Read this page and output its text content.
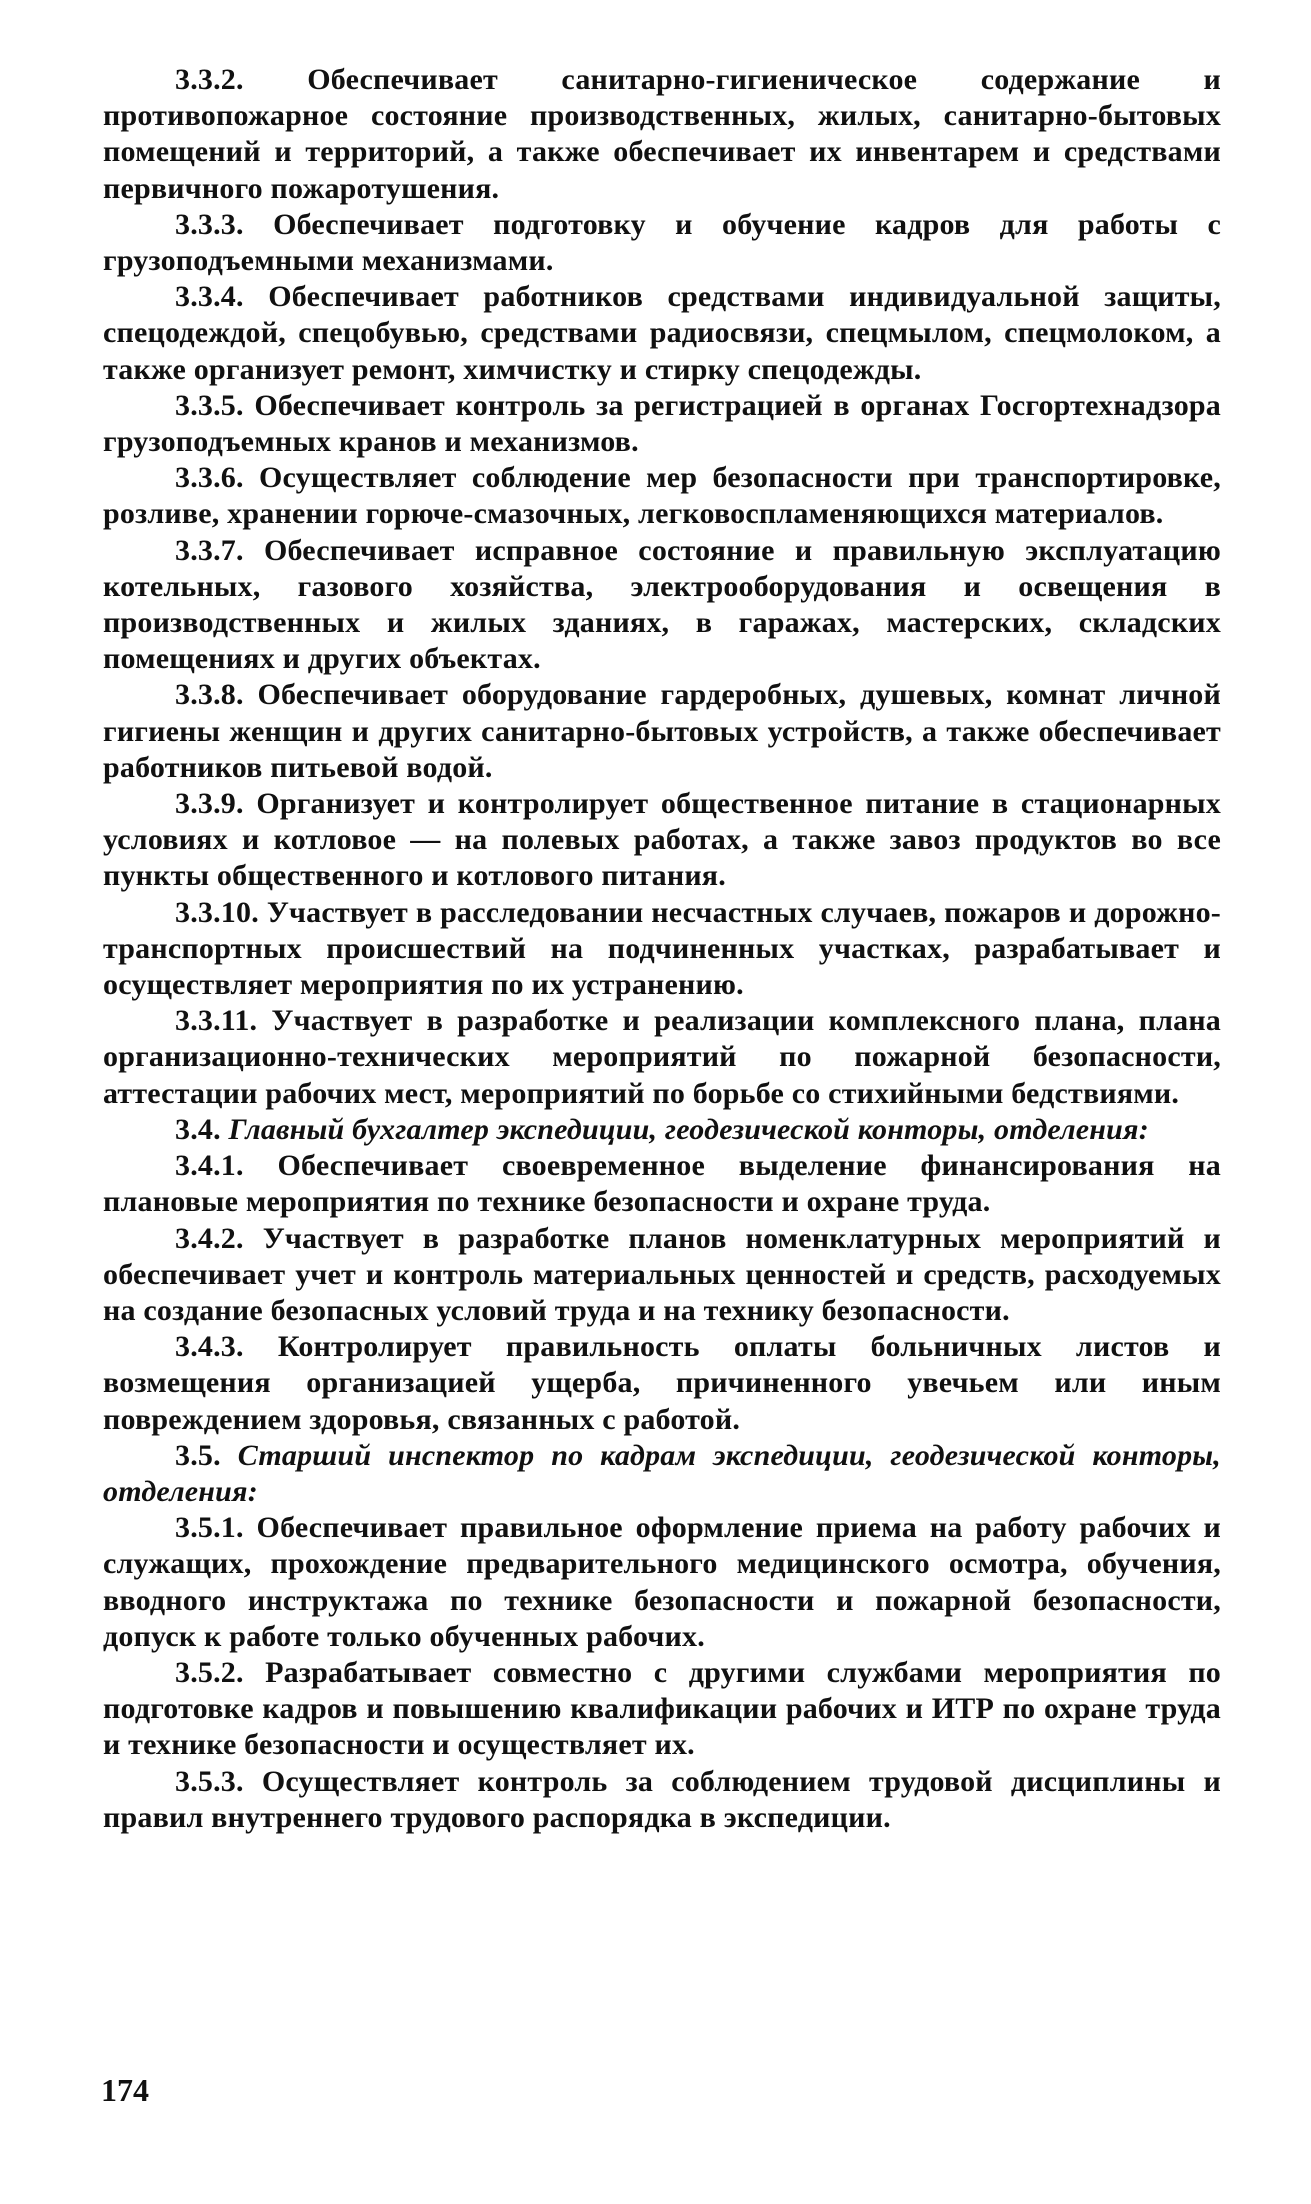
3.3.2. Обеспечивает санитарно-гигиеническое содержание и противопожарное состояние производственных, жилых, санитарно-бытовых помещений и территорий, а также обеспечивает их инвентарем и средствами первичного пожаротушения.

3.3.3. Обеспечивает подготовку и обучение кадров для работы с грузоподъемными механизмами.

3.3.4. Обеспечивает работников средствами индивидуальной защиты, спецодеждой, спецобувью, средствами радиосвязи, спецмылом, спецмолоком, а также организует ремонт, химчистку и стирку спецодежды.

3.3.5. Обеспечивает контроль за регистрацией в органах Госгортехнадзора грузоподъемных кранов и механизмов.

3.3.6. Осуществляет соблюдение мер безопасности при транспортировке, розливе, хранении горюче-смазочных, легковоспламеняющихся материалов.

3.3.7. Обеспечивает исправное состояние и правильную эксплуатацию котельных, газового хозяйства, электрооборудования и освещения в производственных и жилых зданиях, в гаражах, мастерских, складских помещениях и других объектах.

3.3.8. Обеспечивает оборудование гардеробных, душевых, комнат личной гигиены женщин и других санитарно-бытовых устройств, а также обеспечивает работников питьевой водой.

3.3.9. Организует и контролирует общественное питание в стационарных условиях и котловое — на полевых работах, а также завоз продуктов во все пункты общественного и котлового питания.

3.3.10. Участвует в расследовании несчастных случаев, пожаров и дорожно-транспортных происшествий на подчиненных участках, разрабатывает и осуществляет мероприятия по их устранению.

3.3.11. Участвует в разработке и реализации комплексного плана, плана организационно-технических мероприятий по пожарной безопасности, аттестации рабочих мест, мероприятий по борьбе со стихийными бедствиями.

3.4. Главный бухгалтер экспедиции, геодезической конторы, отделения:

3.4.1. Обеспечивает своевременное выделение финансирования на плановые мероприятия по технике безопасности и охране труда.

3.4.2. Участвует в разработке планов номенклатурных мероприятий и обеспечивает учет и контроль материальных ценностей и средств, расходуемых на создание безопасных условий труда и на технику безопасности.

3.4.3. Контролирует правильность оплаты больничных листов и возмещения организацией ущерба, причиненного увечьем или иным повреждением здоровья, связанных с работой.

3.5. Старший инспектор по кадрам экспедиции, геодезической конторы, отделения:

3.5.1. Обеспечивает правильное оформление приема на работу рабочих и служащих, прохождение предварительного медицинского осмотра, обучения, вводного инструктажа по технике безопасности и пожарной безопасности, допуск к работе только обученных рабочих.

3.5.2. Разрабатывает совместно с другими службами мероприятия по подготовке кадров и повышению квалификации рабочих и ИТР по охране труда и технике безопасности и осуществляет их.

3.5.3. Осуществляет контроль за соблюдением трудовой дисциплины и правил внутреннего трудового распорядка в экспедиции.

174
